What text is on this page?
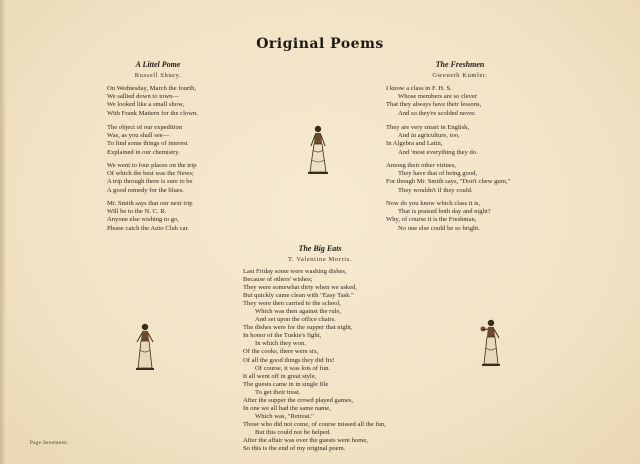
Original Poems
A Littel Pome
Russell Shuey.
On Wednesday, March the fourth,
We sallied down to town—
We looked like a small show,
With Frank Mattern for the clown.
The object of our expedition
Was, as you shall see—
To find some things of interest
Explained in our chemistry.
We went to four places on the trip
Of which the best was the News;
A trip through there is sure to be
A good remedy for the blues.
Mr. Smith says that our next trip
Will be to the N. C. R.
Anyone else wishing to go,
Please catch the Auto Club car.
The Freshmen
Gweneth Kumler.
I know a class in F. H. S.
Whose members are so clever
That they always have their lessons,
And so they're scolded never.
They are very smart in English,
And in agriculture, too,
In Algebra and Latin,
And 'most everything they do.
Among their other virtues,
They have that of being good,
For though Mr. Smith says, "Don't chew gum,"
They wouldn't if they could.
Now do you know which class it is,
That is praised both day and night?
Why, of course it is the Freshman,
No one else could be so bright.
The Big Eats
T. Valentine Morris.
Last Friday some were washing dishes,
Because of others' wishes;
They were somewhat dirty when we asked,
But quickly came clean with "Easy Task."
They were then carried to the school,
Which was then against the rule,
And set upon the office chairs.
The dishes were for the supper that night,
In honor of the Tuskie's fight,
In which they won.
Of the cooks, there were six,
Of all the good things they did fix!
Of course, it was lots of fun.
It all went off in great style,
The guests came in in single file
To get their treat.
After the supper the crowd played games,
In one we all had the same name,
Which was, "Retreat."
Those who did not come, of course missed all the fun,
But this could not be helped.
After the affair was over the guests went home,
So this is the end of my original poem.
Page Seventeen
